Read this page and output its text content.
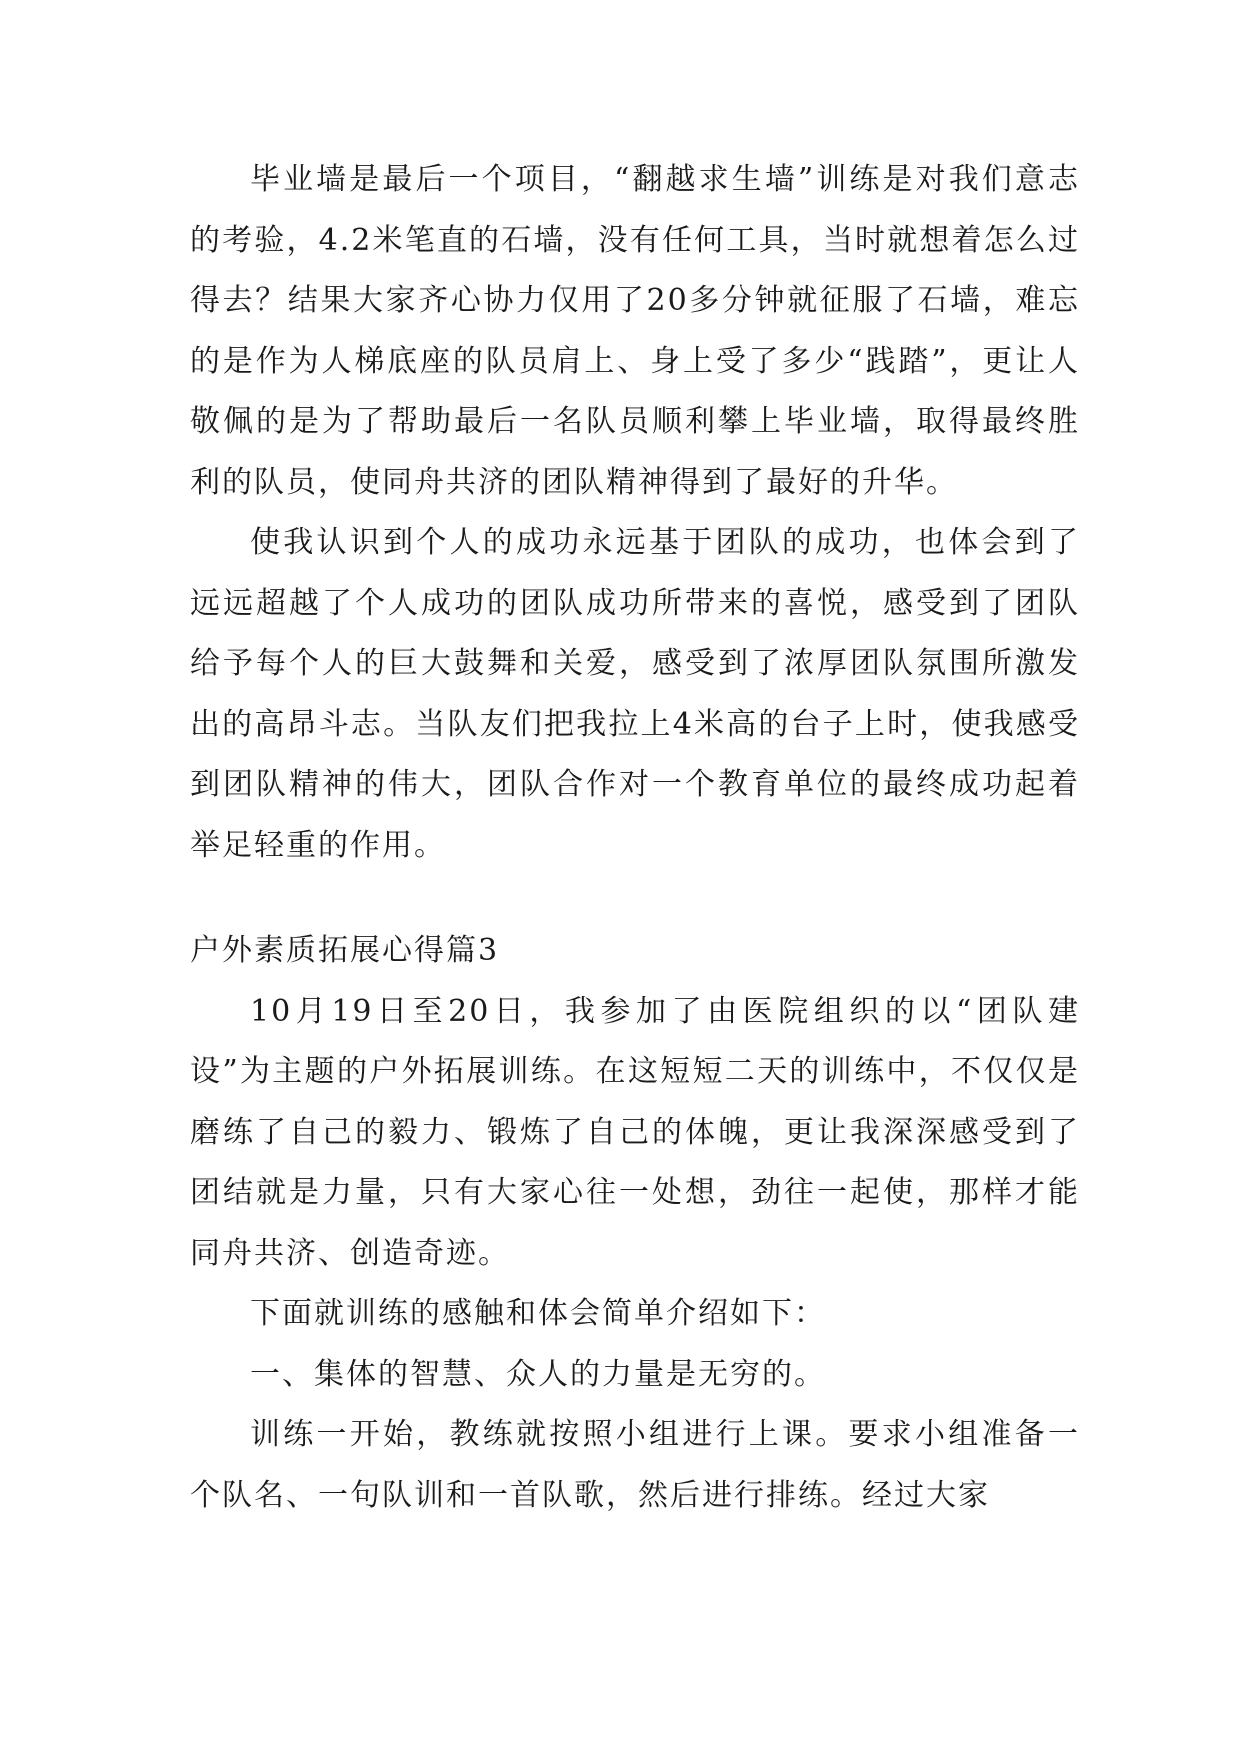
毕业墙是最后一个项目，“翻越求生墙”训练是对我们意志的考验，4.2米笔直的石墙，没有任何工具，当时就想着怎么过得去？结果大家齐心协力仅用了20多分钟就征服了石墙，难忘的是作为人梯底座的队员肩上、身上受了多少“践踏”，更让人敬佩的是为了帮助最后一名队员顺利攀上毕业墙，取得最终胜利的队员，使同舟共济的团队精神得到了最好的升华。

使我认识到个人的成功永远基于团队的成功，也体会到了远远超越了个人成功的团队成功所带来的喜悦，感受到了团队给予每个人的巨大鼓舞和关爱，感受到了浓厚团队氛围所激发出的高昂斗志。当队友们把我拉上4米高的台子上时，使我感受到团队精神的伟大，团队合作对一个教育单位的最终成功起着举足轻重的作用。

户外素质拓展心得篇3

10月19日至20日，我参加了由医院组织的以“团队建设”为主题的户外拓展训练。在这短短二天的训练中，不仅仅是磨练了自己的毅力、锻炼了自己的体魄，更让我深深感受到了团结就是力量，只有大家心往一处想，劲往一起使，那样才能同舟共济、创造奇迹。

下面就训练的感触和体会简单介绍如下：

一、集体的智慧、众人的力量是无穷的。

训练一开始，教练就按照小组进行上课。要求小组准备一个队名、一句队训和一首队歌，然后进行排练。经过大家
